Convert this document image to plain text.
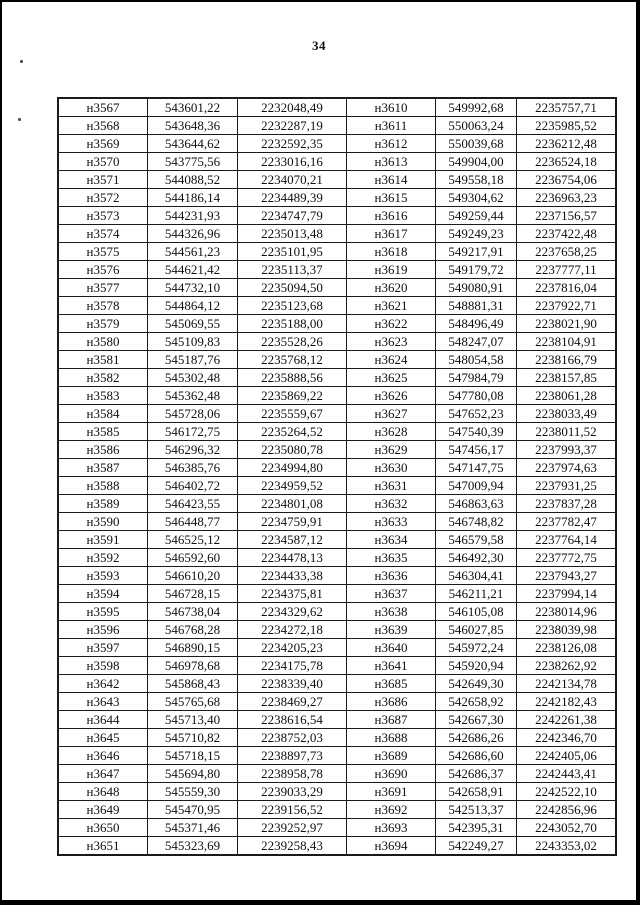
34
н3567	543601,22	2232048,49	н3610	549992,68	2235757,71
н3568	543648,36	2232287,19	н3611	550063,24	2235985,52
н3569	543644,62	2232592,35	н3612	550039,68	2236212,48
н3570	543775,56	2233016,16	н3613	549904,00	2236524,18
н3571	544088,52	2234070,21	н3614	549558,18	2236754,06
н3572	544186,14	2234489,39	н3615	549304,62	2236963,23
н3573	544231,93	2234747,79	н3616	549259,44	2237156,57
н3574	544326,96	2235013,48	н3617	549249,23	2237422,48
н3575	544561,23	2235101,95	н3618	549217,91	2237658,25
н3576	544621,42	2235113,37	н3619	549179,72	2237777,11
н3577	544732,10	2235094,50	н3620	549080,91	2237816,04
н3578	544864,12	2235123,68	н3621	548881,31	2237922,71
н3579	545069,55	2235188,00	н3622	548496,49	2238021,90
н3580	545109,83	2235528,26	н3623	548247,07	2238104,91
н3581	545187,76	2235768,12	н3624	548054,58	2238166,79
н3582	545302,48	2235888,56	н3625	547984,79	2238157,85
н3583	545362,48	2235869,22	н3626	547780,08	2238061,28
н3584	545728,06	2235559,67	н3627	547652,23	2238033,49
н3585	546172,75	2235264,52	н3628	547540,39	2238011,52
н3586	546296,32	2235080,78	н3629	547456,17	2237993,37
н3587	546385,76	2234994,80	н3630	547147,75	2237974,63
н3588	546402,72	2234959,52	н3631	547009,94	2237931,25
н3589	546423,55	2234801,08	н3632	546863,63	2237837,28
н3590	546448,77	2234759,91	н3633	546748,82	2237782,47
н3591	546525,12	2234587,12	н3634	546579,58	2237764,14
н3592	546592,60	2234478,13	н3635	546492,30	2237772,75
н3593	546610,20	2234433,38	н3636	546304,41	2237943,27
н3594	546728,15	2234375,81	н3637	546211,21	2237994,14
н3595	546738,04	2234329,62	н3638	546105,08	2238014,96
н3596	546768,28	2234272,18	н3639	546027,85	2238039,98
н3597	546890,15	2234205,23	н3640	545972,24	2238126,08
н3598	546978,68	2234175,78	н3641	545920,94	2238262,92
н3642	545868,43	2238339,40	н3685	542649,30	2242134,78
н3643	545765,68	2238469,27	н3686	542658,92	2242182,43
н3644	545713,40	2238616,54	н3687	542667,30	2242261,38
н3645	545710,82	2238752,03	н3688	542686,26	2242346,70
н3646	545718,15	2238897,73	н3689	542686,60	2242405,06
н3647	545694,80	2238958,78	н3690	542686,37	2242443,41
н3648	545559,30	2239033,29	н3691	542658,91	2242522,10
н3649	545470,95	2239156,52	н3692	542513,37	2242856,96
н3650	545371,46	2239252,97	н3693	542395,31	2243052,70
н3651	545323,69	2239258,43	н3694	542249,27	2243353,02
